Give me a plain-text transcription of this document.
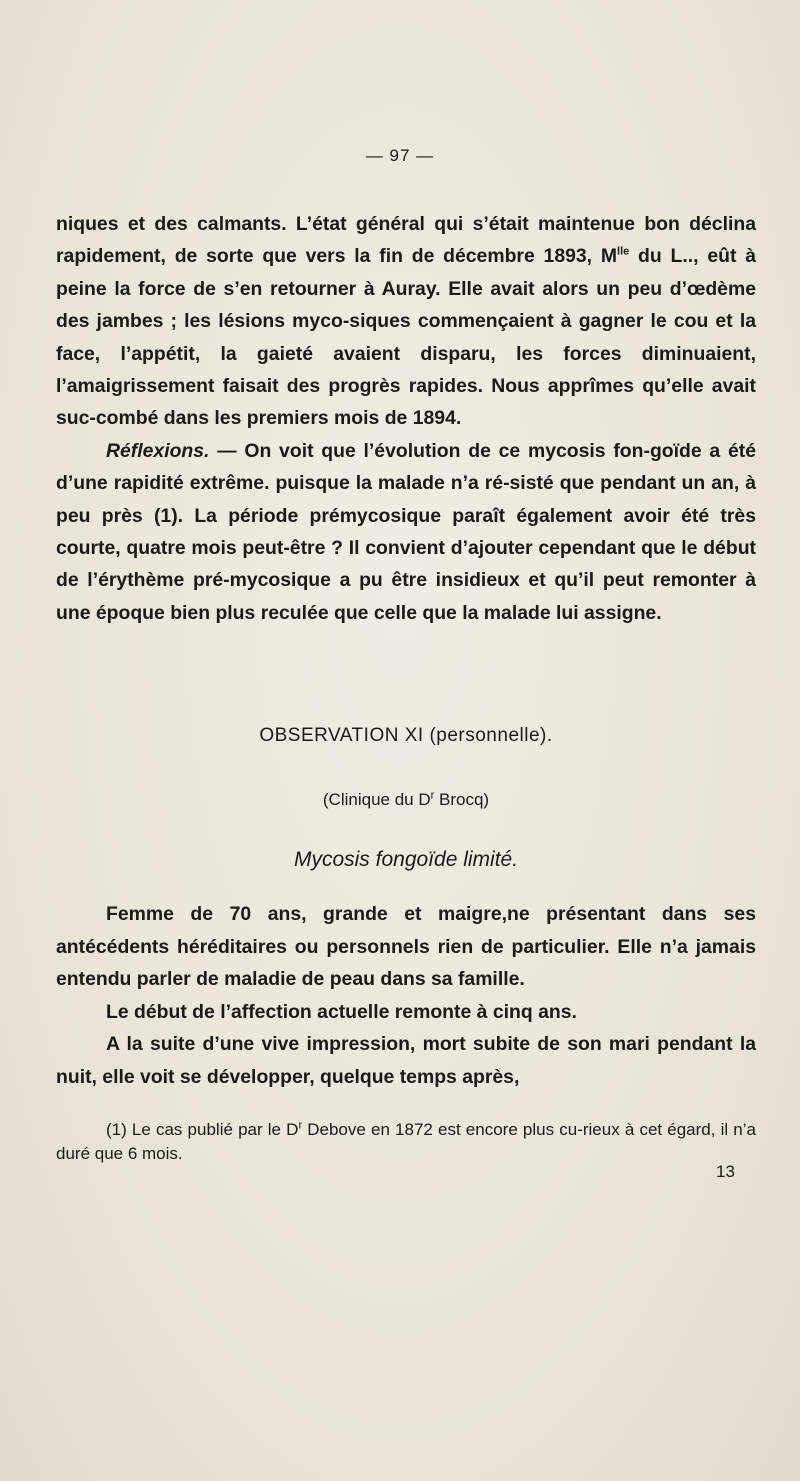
— 97 —

niques et des calmants. L’état général qui s’était maintenue bon déclina rapidement, de sorte que vers la fin de décembre 1893, $M^{lle}$ du L.., eût à peine la force de s’en retourner à Auray. Elle avait alors un peu d’œdème des jambes ; les lésions myco-siques commençaient à gagner le cou et la face, l’appétit, la gaieté avaient disparu, les forces diminuaient, l’amaigrissement faisait des progrès rapides. Nous apprîmes qu’elle avait suc-combé dans les premiers mois de 1894.

Réflexions. — On voit que l’évolution de ce mycosis fon-goïde a été d’une rapidité extrême. puisque la malade n’a ré-sisté que pendant un an, à peu près (1). La période prémycosique paraît également avoir été très courte, quatre mois peut-être ? Il convient d’ajouter cependant que le début de l’érythème pré-mycosique a pu être insidieux et qu’il peut remonter à une époque bien plus reculée que celle que la malade lui assigne.

OBSERVATION XI (personnelle).
(Clinique du $D^r$ Brocq)
Mycosis fongoïde limité.

Femme de 70 ans, grande et maigre,ne présentant dans ses antécédents héréditaires ou personnels rien de particulier. Elle n’a jamais entendu parler de maladie de peau dans sa famille.

Le début de l’affection actuelle remonte à cinq ans.

A la suite d’une vive impression, mort subite de son mari pendant la nuit, elle voit se développer, quelque temps après,

(1) Le cas publié par le $D^r$ Debove en 1872 est encore plus cu-rieux à cet égard, il n’a duré que 6 mois.
13
